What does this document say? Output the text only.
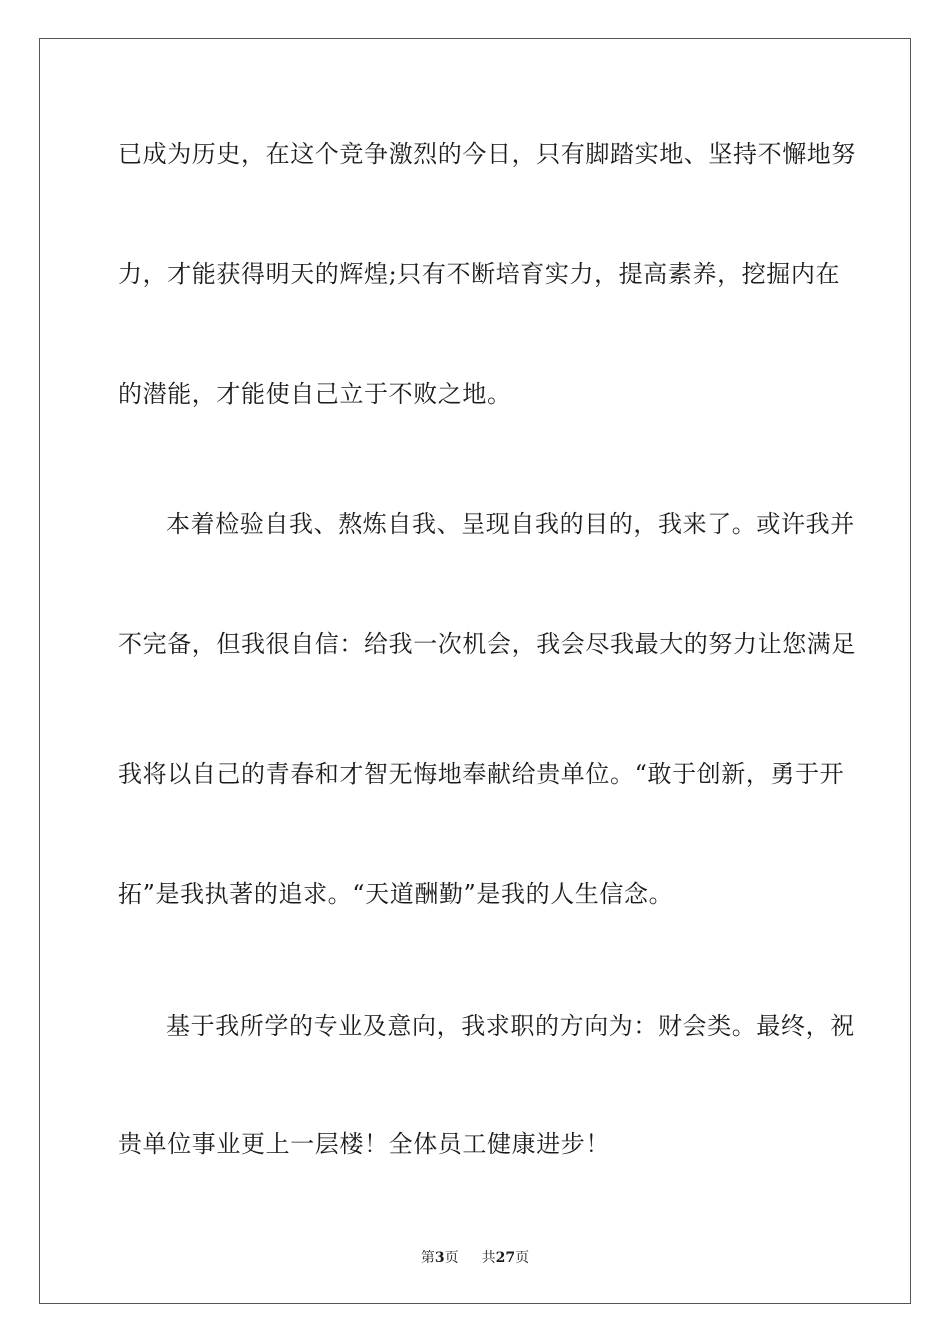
已成为历史，在这个竞争激烈的今日，只有脚踏实地、坚持不懈地努
力，才能获得明天的辉煌;只有不断培育实力，提高素养，挖掘内在
的潜能，才能使自己立于不败之地。
本着检验自我、熬炼自我、呈现自我的目的，我来了。或许我并
不完备，但我很自信：给我一次机会，我会尽我最大的努力让您满足
我将以自己的青春和才智无悔地奉献给贵单位。“敢于创新，勇于开
拓”是我执著的追求。“天道酬勤”是我的人生信念。
基于我所学的专业及意向，我求职的方向为：财会类。最终，祝
贵单位事业更上一层楼！全体员工健康进步！
第3页 共27页
